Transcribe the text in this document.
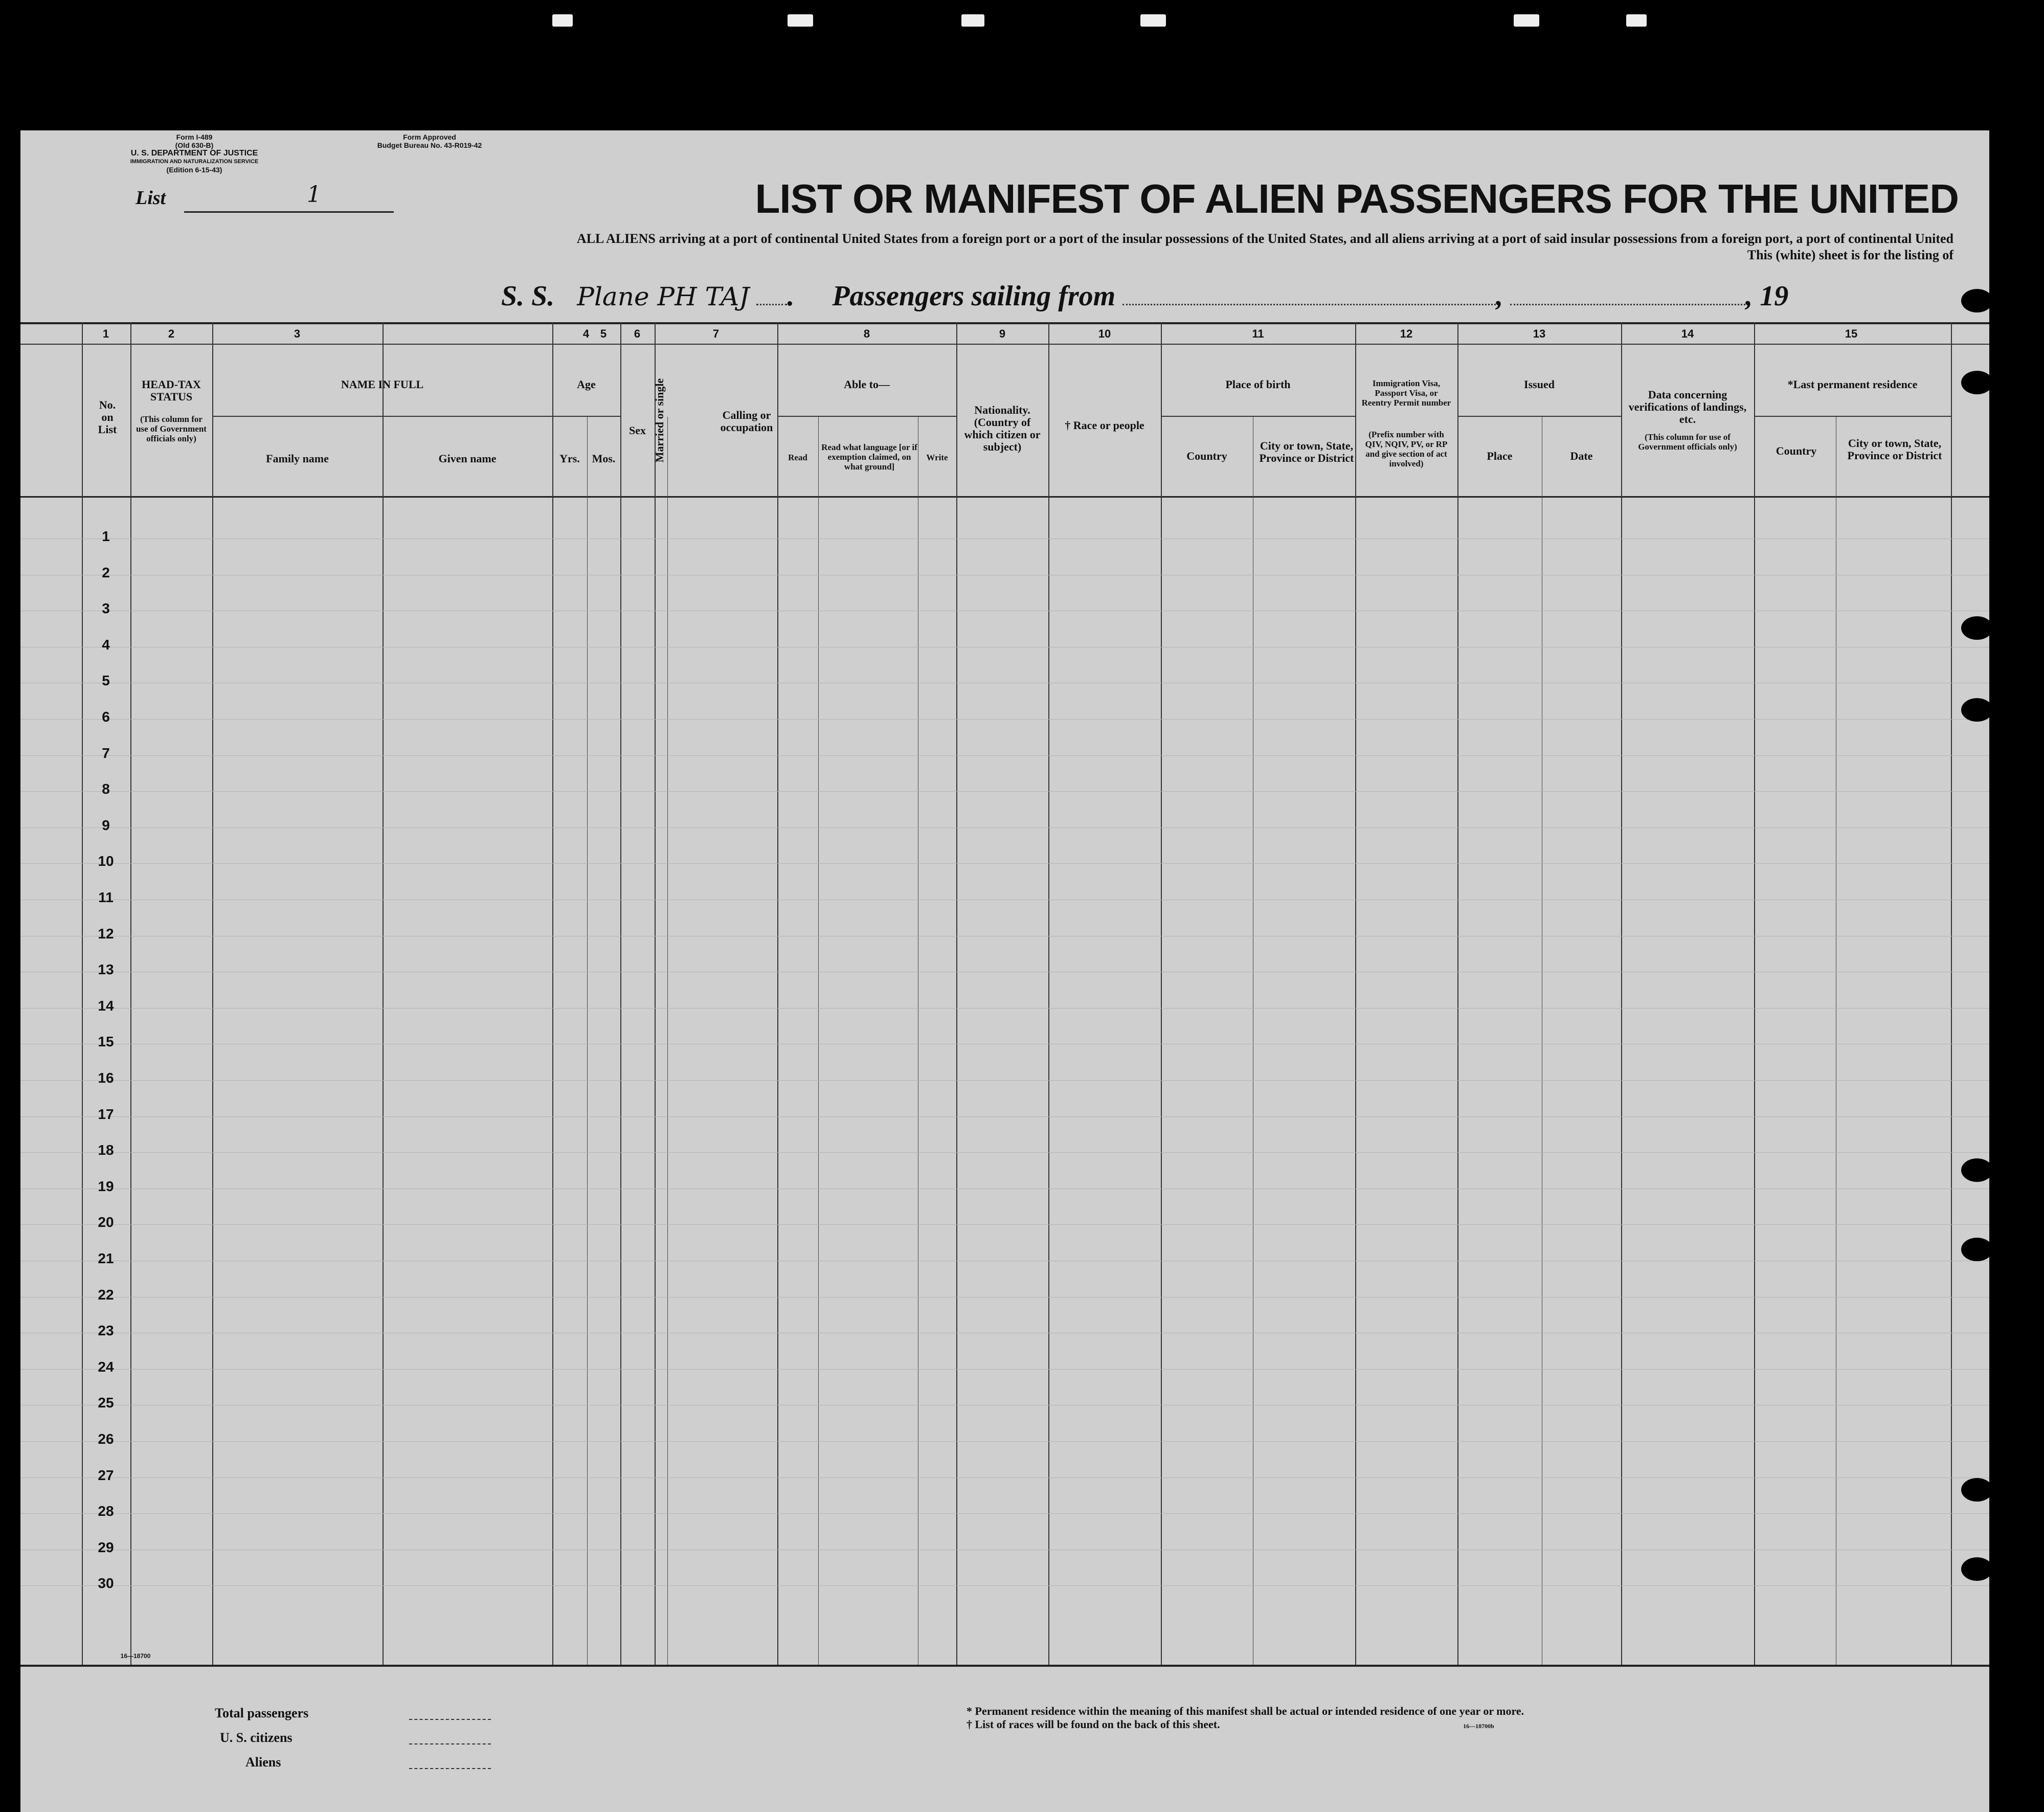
Form I-489
(Old 630-B)
U. S. DEPARTMENT OF JUSTICE
IMMIGRATION AND NATURALIZATION SERVICE
(Edition 6-15-43)
Form Approved
Budget Bureau No. 43-R019-42
List	1	LIST OR MANIFEST OF ALIEN PASSENGERS FOR THE UNITED
ALL ALIENS arriving at a port of continental United States from a foreign port or a port of the insular possessions of the United States, and all aliens arriving at a port of said insular possessions from a foreign port, a port of continental United
This (white) sheet is for the listing of
S. S. Plane PH TAJ . Passengers sailing from	,	, 19
1	2	3	4 5	6	7	8	9	10	11	12	13	14	15
No. on List
HEAD-TAX STATUS
(This column for use of Government officials only)
NAME IN FULL
Family name	Given name
Age
Yrs.	Mos.
Sex Married or single	Calling or occupation
Able to—
Read
Read what language [or if exemption claimed, on what ground]
Write
Nationality. (Country of which citizen or subject)
† Race or people
Place of birth
Country
City or town, State, Province or District
Immigration Visa, Passport Visa, or Reentry Permit number
(Prefix number with QIV, NQIV, PV, or RP and give section of act involved)
Issued
Place	Date
Data concerning verifications of landings, etc.
(This column for use of Government officials only)
*Last permanent residence
Country
City or town, State, Province or District
1
2
3
4
5
6
7
8
9
10
11
12
13
14
15
16
17
18
19
20
21
22
23
24
25
26
27
28
29
30
16—18700
Total passengers
U. S. citizens
Aliens
* Permanent residence within the meaning of this manifest shall be actual or intended residence of one year or more.
† List of races will be found on the back of this sheet.	16—18700b
